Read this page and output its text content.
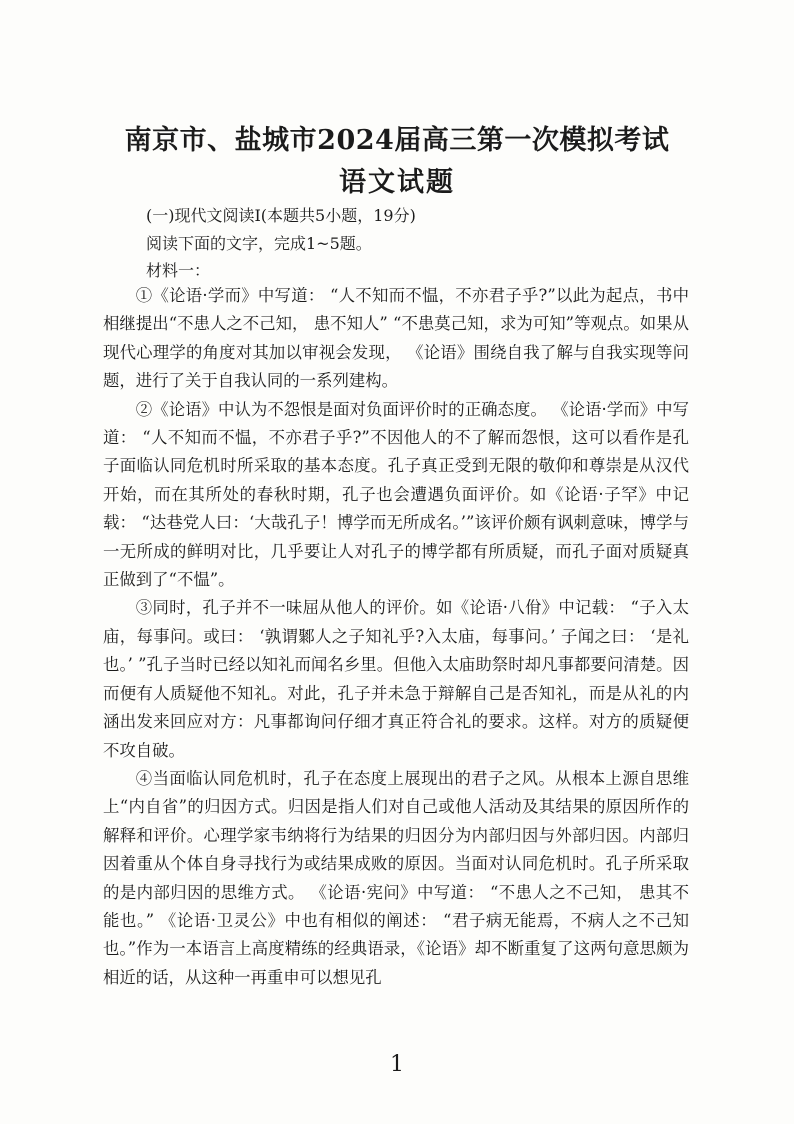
南京市、盐城市2024届高三第一次模拟考试
语文试题
(一)现代文阅读Ⅰ(本题共5小题，19分)
阅读下面的文字，完成1~5题。
材料一：

①《论语·学而》中写道： “人不知而不愠，不亦君子乎?”以此为起点，书中相继提出“不患人之不己知， 患不知人” “不患莫己知，求为可知”等观点。如果从现代心理学的角度对其加以审视会发现， 《论语》围绕自我了解与自我实现等问题，进行了关于自我认同的一系列建构。

②《论语》中认为不怨恨是面对负面评价时的正确态度。 《论语·学而》中写道： “人不知而不愠，不亦君子乎?”不因他人的不了解而怨恨，这可以看作是孔子面临认同危机时所采取的基本态度。孔子真正受到无限的敬仰和尊崇是从汉代开始，而在其所处的春秋时期，孔子也会遭遇负面评价。如《论语·子罕》中记载： “达巷党人曰：‘大哉孔子！博学而无所成名。’”该评价颇有讽刺意味，博学与一无所成的鲜明对比，几乎要让人对孔子的博学都有所质疑，而孔子面对质疑真正做到了“不愠”。

③同时，孔子并不一味屈从他人的评价。如《论语·八佾》中记载： “子入太庙，每事问。或曰： ‘孰谓鄹人之子知礼乎?入太庙，每事问。’ 子闻之曰： ‘是礼也。’ ”孔子当时已经以知礼而闻名乡里。但他入太庙助祭时却凡事都要问清楚。因而便有人质疑他不知礼。对此，孔子并未急于辩解自己是否知礼，而是从礼的内涵出发来回应对方：凡事都询问仔细才真正符合礼的要求。这样。对方的质疑便不攻自破。

④当面临认同危机时，孔子在态度上展现出的君子之风。从根本上源自思维上“内自省”的归因方式。归因是指人们对自己或他人活动及其结果的原因所作的解释和评价。心理学家韦纳将行为结果的归因分为内部归因与外部归因。内部归因着重从个体自身寻找行为或结果成败的原因。当面对认同危机时。孔子所采取的是内部归因的思维方式。 《论语·宪问》中写道： “不患人之不己知， 患其不能也。” 《论语·卫灵公》中也有相似的阐述： “君子病无能焉，不病人之不己知也。”作为一本语言上高度精练的经典语录，《论语》却不断重复了这两句意思颇为相近的话，从这种一再重申可以想见孔

1
